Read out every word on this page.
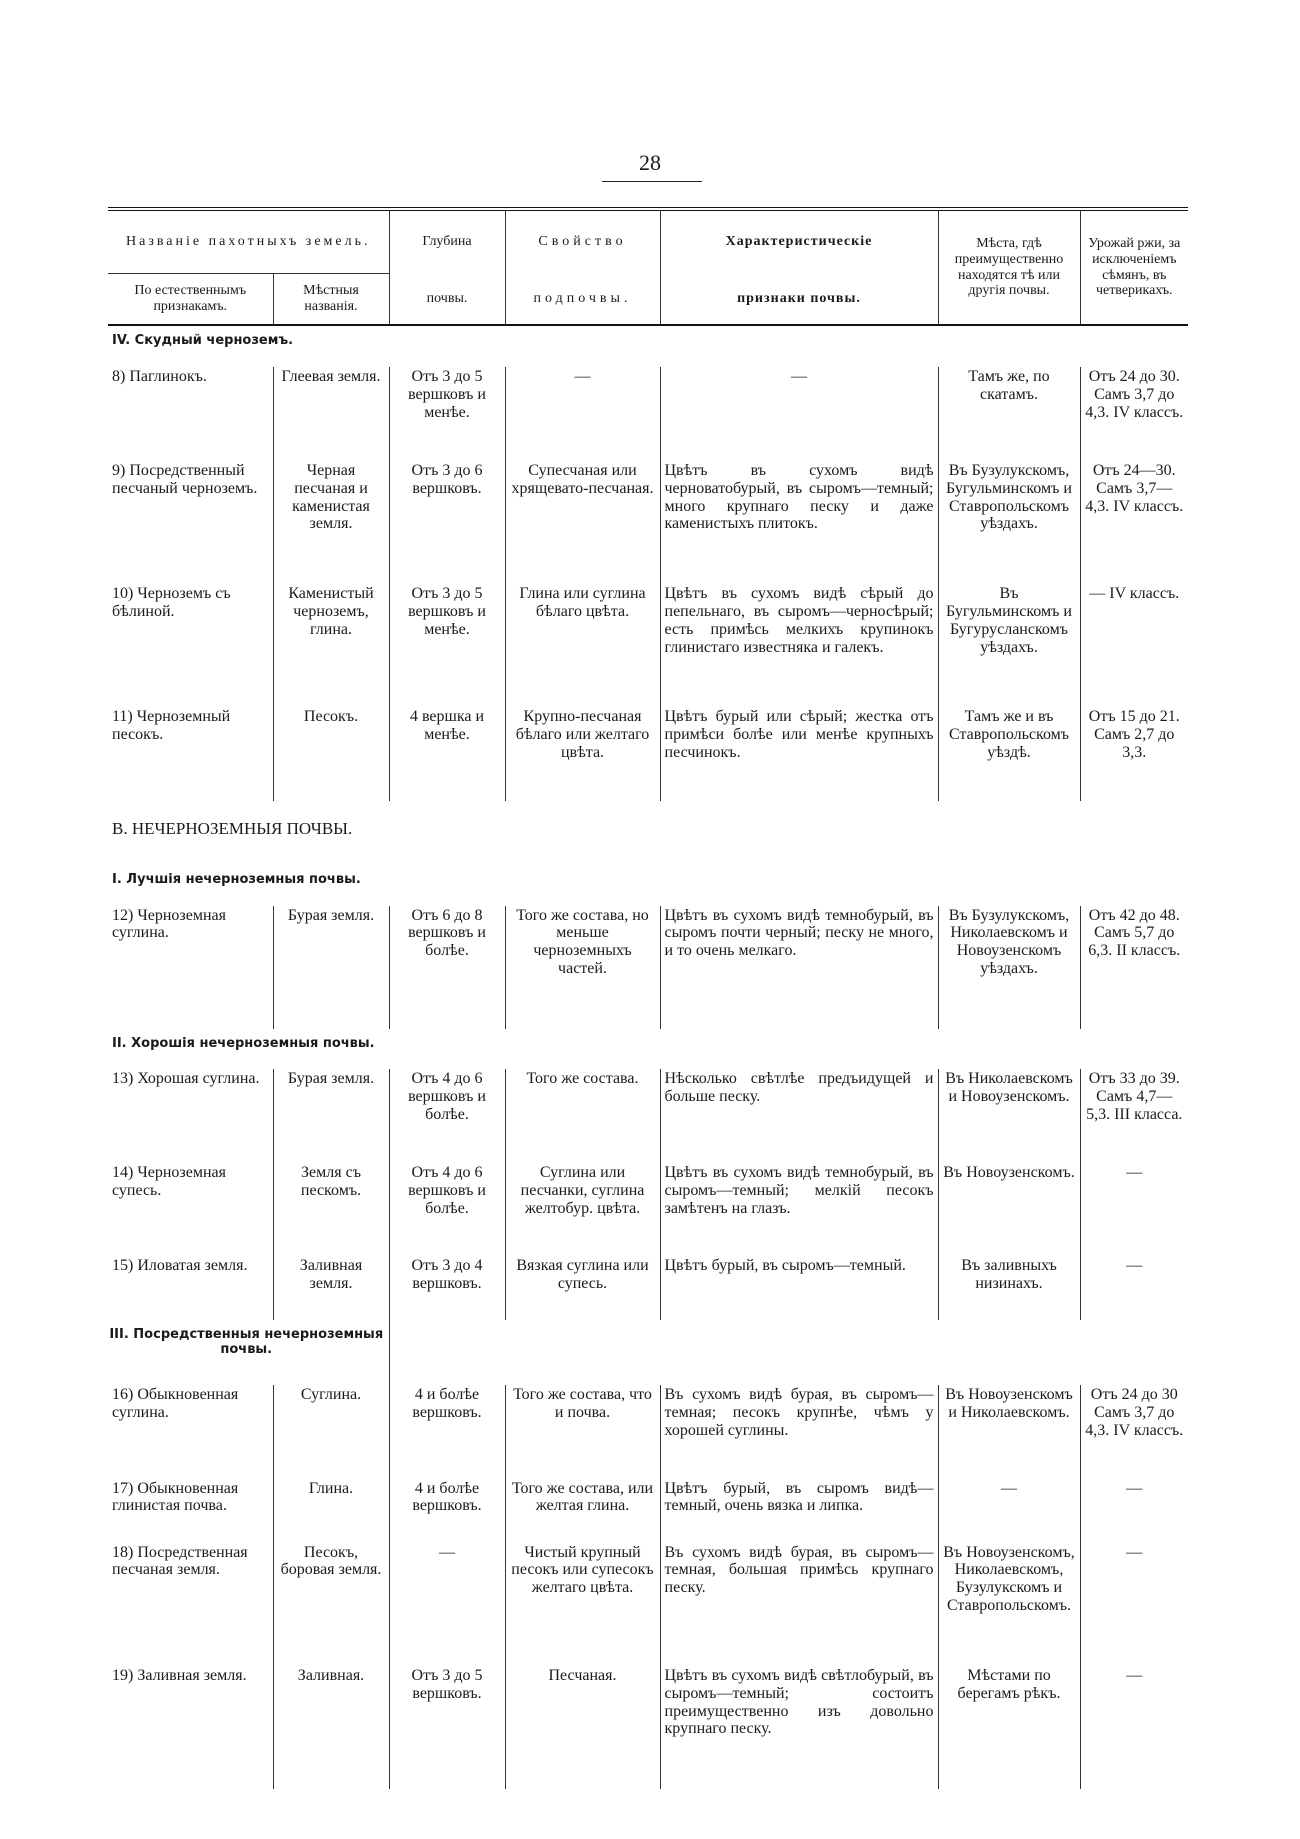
28
Названіе пахотныхъ земель.		Глубина	Свойство	Характеристическіе	Мѣста, гдѣ преимущественно находятся тѣ или другія почвы.	Урожай ржи, за исключеніемъ сѣмянъ, въ четверикахъ.
По естественнымъ признакамъ.	Мѣстныя названія.	почвы.	подпочвы.	признаки почвы.		
IV. Скудный черноземъ.						
8) Паглинокъ.	Глеевая земля.	Отъ 3 до 5 вершковъ и менѣе.	—	—	Тамъ же, по скатамъ.	Отъ 24 до 30. Самъ 3,7 до 4,3. IV классъ.
9) Посредственный песчаный черноземъ.	Черная песчаная и каменистая земля.	Отъ 3 до 6 вершковъ.	Супесчаная или хрящевато-песчаная.	Цвѣтъ въ сухомъ видѣ черноватобурый, въ сыромъ—темный; много крупнаго песку и даже каменистыхъ плитокъ.	Въ Бузулукскомъ, Бугульминскомъ и Ставропольскомъ уѣздахъ.	Отъ 24—30. Самъ 3,7—4,3. IV классъ.
10) Черноземъ съ бѣлиной.	Каменистый черноземъ, глина.	Отъ 3 до 5 вершковъ и менѣе.	Глина или суглина бѣлаго цвѣта.	Цвѣтъ въ сухомъ видѣ сѣрый до пепельнаго, въ сыромъ—черносѣрый; есть примѣсь мелкихъ крупинокъ глинистаго известняка и галекъ.	Въ Бугульминскомъ и Бугурусланскомъ уѣздахъ.	— IV классъ.
11) Черноземный песокъ.	Песокъ.	4 вершка и менѣе.	Крупно-песчаная бѣлаго или желтаго цвѣта.	Цвѣтъ бурый или сѣрый; жестка отъ примѣси болѣе или менѣе крупныхъ песчинокъ.	Тамъ же и въ Ставропольскомъ уѣздѣ.	Отъ 15 до 21. Самъ 2,7 до 3,3.
В. НЕЧЕРНОЗЕМНЫЯ ПОЧВЫ.						
I. Лучшія нечерноземныя почвы.						
12) Черноземная суглина.	Бурая земля.	Отъ 6 до 8 вершковъ и болѣе.	Того же состава, но меньше черноземныхъ частей.	Цвѣтъ въ сухомъ видѣ темнобурый, въ сыромъ почти черный; песку не много, и то очень мелкаго.	Въ Бузулукскомъ, Николаевскомъ и Новоузенскомъ уѣздахъ.	Отъ 42 до 48. Самъ 5,7 до 6,3. II классъ.
II. Хорошія нечерноземныя почвы.						
13) Хорошая суглина.	Бурая земля.	Отъ 4 до 6 вершковъ и болѣе.	Того же состава.	Нѣсколько свѣтлѣе предъидущей и больше песку.	Въ Николаевскомъ и Новоузенскомъ.	Отъ 33 до 39. Самъ 4,7—5,3. III класса.
14) Черноземная супесь.	Земля съ пескомъ.	Отъ 4 до 6 вершковъ и болѣе.	Суглина или песчанки, суглина желтобур. цвѣта.	Цвѣтъ въ сухомъ видѣ темнобурый, въ сыромъ—темный; мелкій песокъ замѣтенъ на глазъ.	Въ Новоузенскомъ.	—
15) Иловатая земля.	Заливная земля.	Отъ 3 до 4 вершковъ.	Вязкая суглина или супесь.	Цвѣтъ бурый, въ сыромъ—темный.	Въ заливныхъ низинахъ.	—
III. Посредственныя нечерноземныя почвы.						
16) Обыкновенная суглина.	Суглина.	4 и болѣе вершковъ.	Того же состава, что и почва.	Въ сухомъ видѣ бурая, въ сыромъ—темная; песокъ крупнѣе, чѣмъ у хорошей суглины.	Въ Новоузенскомъ и Николаевскомъ.	Отъ 24 до 30 Самъ 3,7 до 4,3. IV классъ.
17) Обыкновенная глинистая почва.	Глина.	4 и болѣе вершковъ.	Того же состава, или желтая глина.	Цвѣтъ бурый, въ сыромъ видѣ—темный, очень вязка и липка.	—	—
18) Посредственная песчаная земля.	Песокъ, боровая земля.	—	Чистый крупный песокъ или супесокъ желтаго цвѣта.	Въ сухомъ видѣ бурая, въ сыромъ—темная, большая примѣсь крупнаго песку.	Въ Новоузенскомъ, Николаевскомъ, Бузулукскомъ и Ставропольскомъ.	—
19) Заливная земля.	Заливная.	Отъ 3 до 5 вершковъ.	Песчаная.	Цвѣтъ въ сухомъ видѣ свѣтлобурый, въ сыромъ—темный; состоитъ преимущественно изъ довольно крупнаго песку.	Мѣстами по берегамъ рѣкъ.	—
